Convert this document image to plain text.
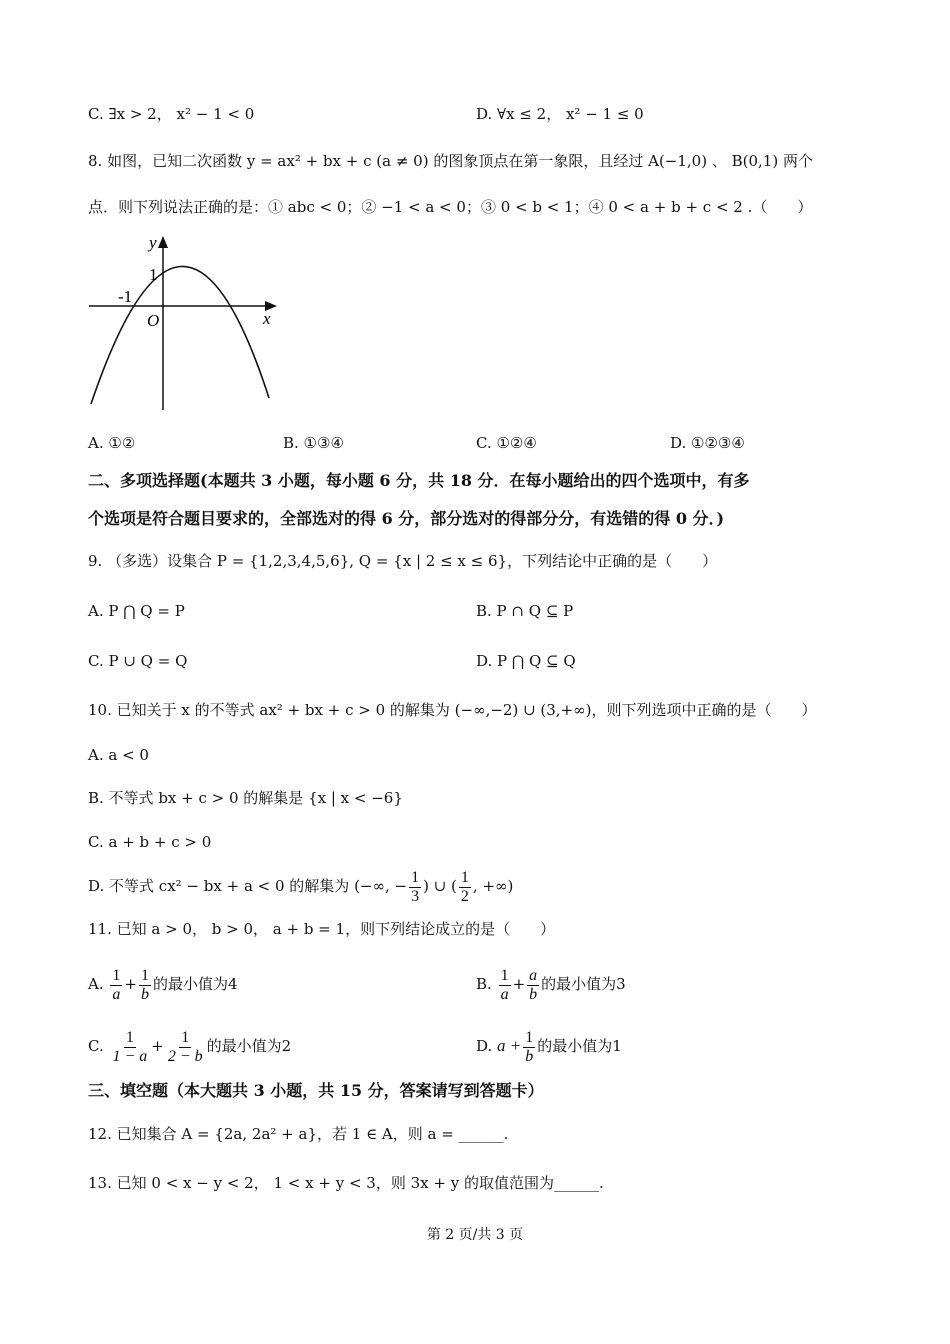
C. ∃x > 2， x² − 1 < 0	D. ∀x ≤ 2， x² − 1 ≤ 0
8. 如图，已知二次函数 y = ax² + bx + c (a ≠ 0) 的图象顶点在第一象限，且经过 A(−1,0) 、 B(0,1) 两个
点．则下列说法正确的是：① abc < 0；② −1 < a < 0；③ 0 < b < 1；④ 0 < a + b + c < 2 .（　　）
y
1
-1
O	x
A. ①②	B. ①③④	C. ①②④	D. ①②③④
二、多项选择题(本题共 3 小题，每小题 6 分，共 18 分．在每小题给出的四个选项中，有多
个选项是符合题目要求的，全部选对的得 6 分，部分选对的得部分分，有选错的得 0 分．)
9. （多选）设集合 P = {1,2,3,4,5,6}, Q = {x | 2 ≤ x ≤ 6}，下列结论中正确的是（　　）
A. P ⋂ Q = P	B. P ∩ Q ⊆ P
C. P ∪ Q = Q	D. P ⋂ Q ⊆ Q
10. 已知关于 x 的不等式 ax² + bx + c > 0 的解集为 (−∞,−2) ∪ (3,+∞)，则下列选项中正确的是（　　）
A. a < 0
B. 不等式 bx + c > 0 的解集是 {x | x < −6}
C. a + b + c > 0
D. 不等式 cx² − bx + a < 0 的解集为 (−∞, − $\frac{1}{3}$ ) ∪ ( $\frac{1}{2}$ , +∞)
11. 已知 a > 0， b > 0， a + b = 1，则下列结论成立的是（　　）
A. $\frac{1}{a} + \frac{1}{b}$ 的最小值为4	B. $\frac{1}{a} + \frac{a}{b}$ 的最小值为3
C. $\frac{1}{1 - a} + \frac{1}{2 - b}$ 的最小值为2	D. $a + \frac{1}{b}$ 的最小值为1
三、填空题（本大题共 3 小题，共 15 分，答案请写到答题卡）
12. 已知集合 A = {2a, 2a² + a}，若 1 ∈ A，则 a = ______.
13. 已知 0 < x − y < 2， 1 < x + y < 3，则 3x + y 的取值范围为______.
第 2 页/共 3 页
